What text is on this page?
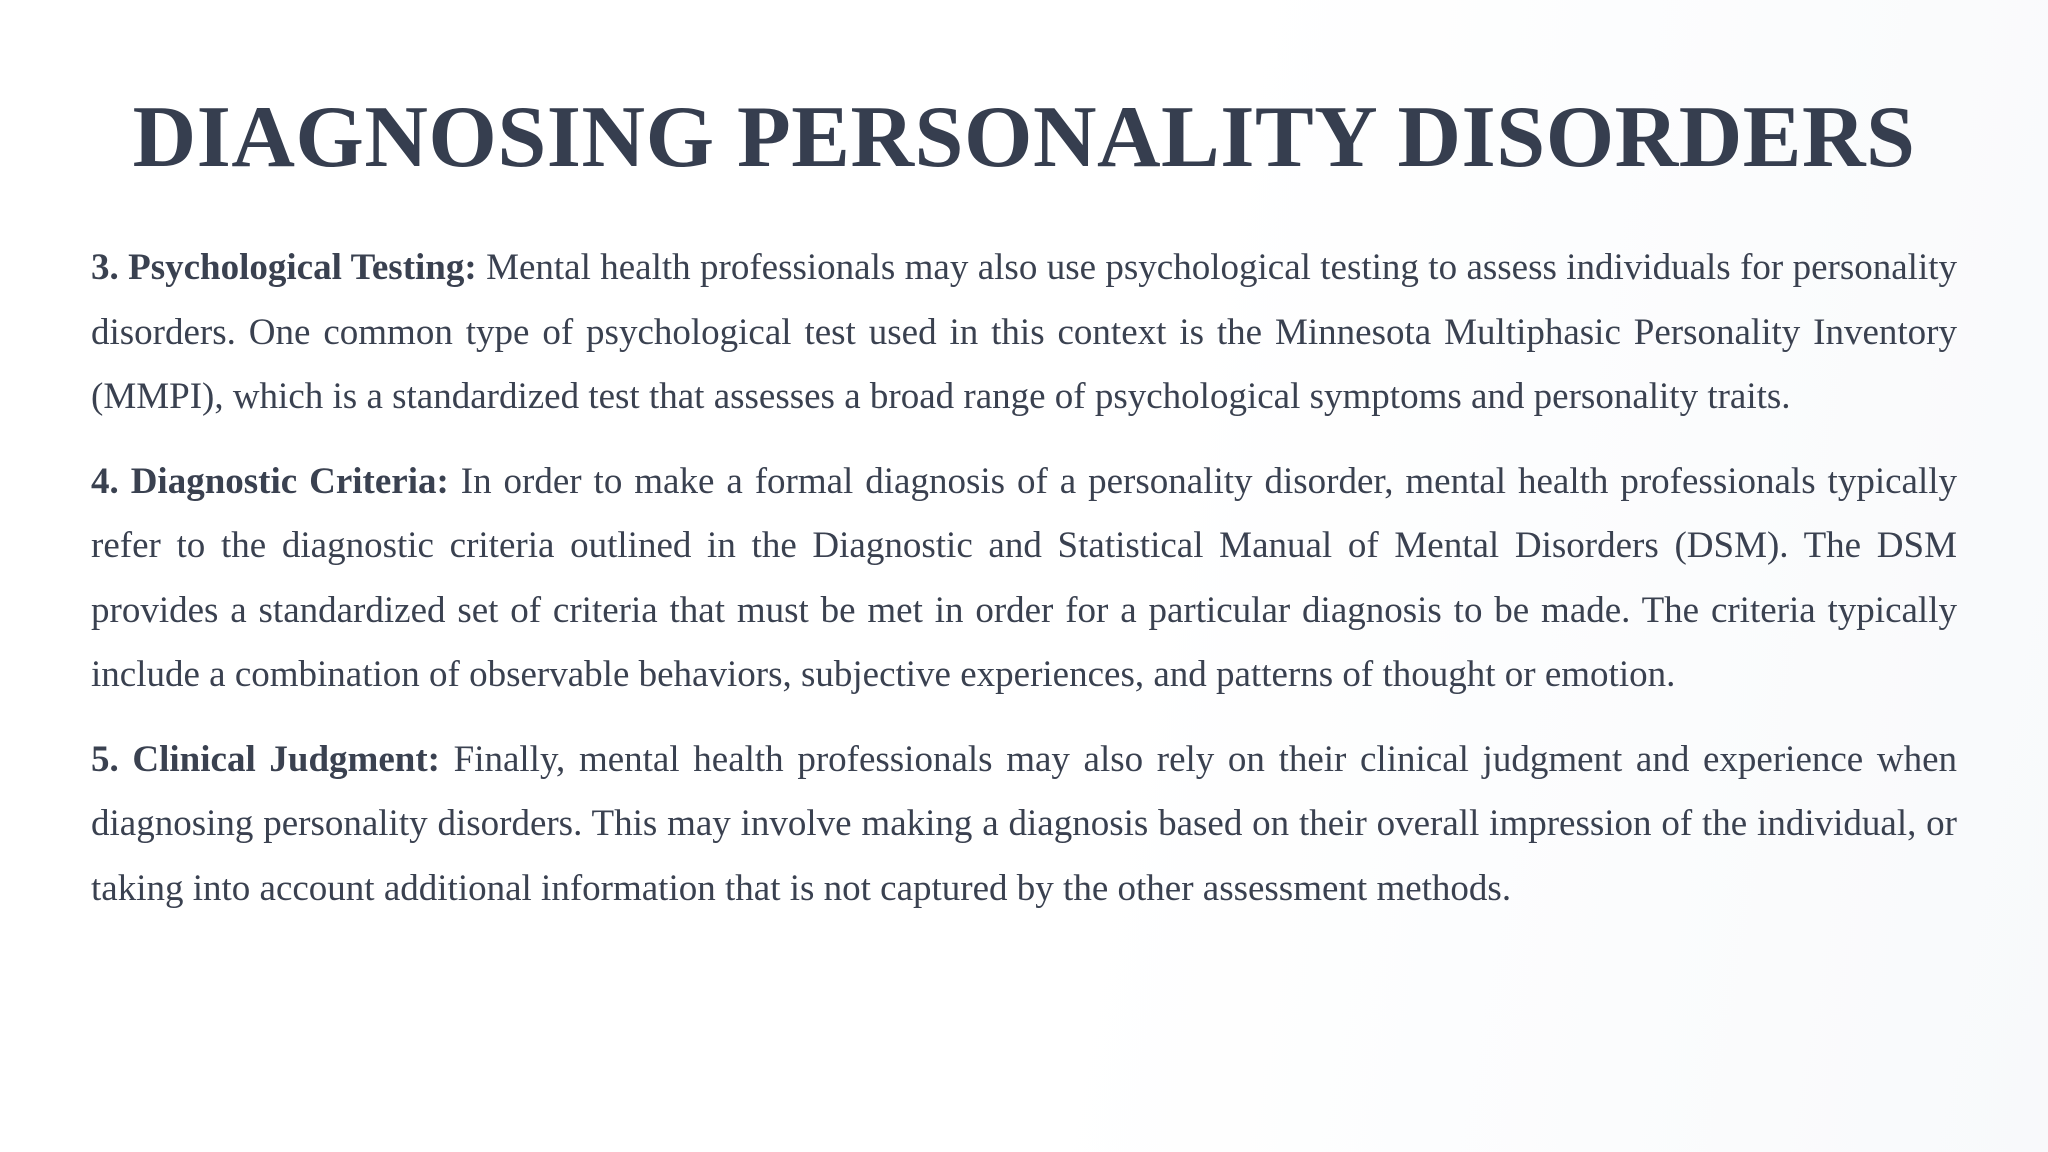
DIAGNOSING PERSONALITY DISORDERS

3. Psychological Testing: Mental health professionals may also use psychological testing to assess individuals for personality disorders. One common type of psychological test used in this context is the Minnesota Multiphasic Personality Inventory (MMPI), which is a standardized test that assesses a broad range of psychological symptoms and personality traits.

4. Diagnostic Criteria: In order to make a formal diagnosis of a personality disorder, mental health professionals typically refer to the diagnostic criteria outlined in the Diagnostic and Statistical Manual of Mental Disorders (DSM). The DSM provides a standardized set of criteria that must be met in order for a particular diagnosis to be made. The criteria typically include a combination of observable behaviors, subjective experiences, and patterns of thought or emotion.

5. Clinical Judgment: Finally, mental health professionals may also rely on their clinical judgment and experience when diagnosing personality disorders. This may involve making a diagnosis based on their overall impression of the individual, or taking into account additional information that is not captured by the other assessment methods.
